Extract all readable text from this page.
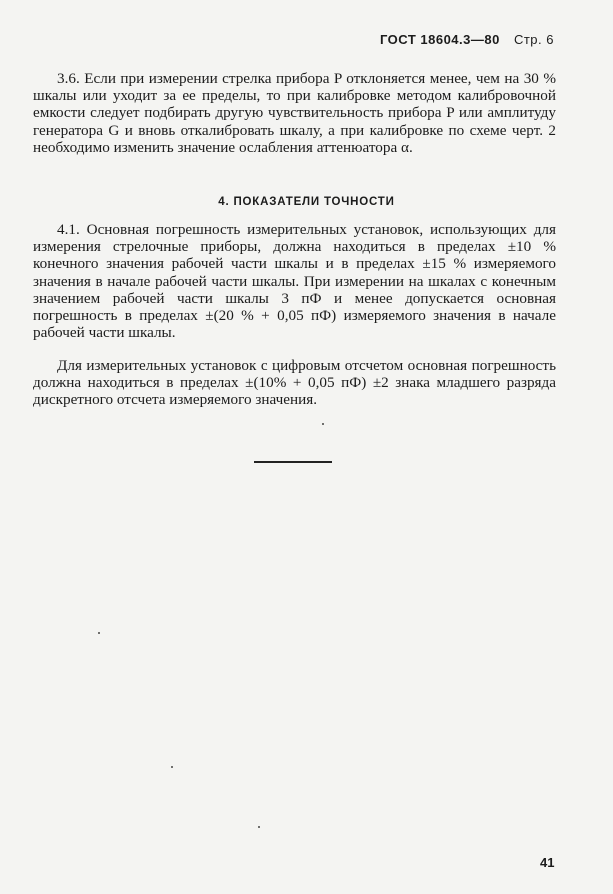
ГОСТ 18604.3—80 Стр. 6

3.6. Если при измерении стрелка прибора P отклоняется менее, чем на 30 % шкалы или уходит за ее пределы, то при калибровке методом калибровочной емкости следует подбирать другую чувствительность прибора P или амплитуду генератора G и вновь откалибровать шкалу, а при калибровке по схеме черт. 2 необходимо изменить значение ослабления аттенюатора α.

4. ПОКАЗАТЕЛИ ТОЧНОСТИ

4.1. Основная погрешность измерительных установок, использующих для измерения стрелочные приборы, должна находиться в пределах ±10 % конечного значения рабочей части шкалы и в пределах ±15 % измеряемого значения в начале рабочей части шкалы. При измерении на шкалах с конечным значением рабочей части шкалы 3 пФ и менее допускается основная погрешность в пределах ±(20 % + 0,05 пФ) измеряемого значения в начале рабочей части шкалы.

Для измерительных установок с цифровым отсчетом основная погрешность должна находиться в пределах ±(10% + 0,05 пФ) ±2 знака младшего разряда дискретного отсчета измеряемого значения.

41
